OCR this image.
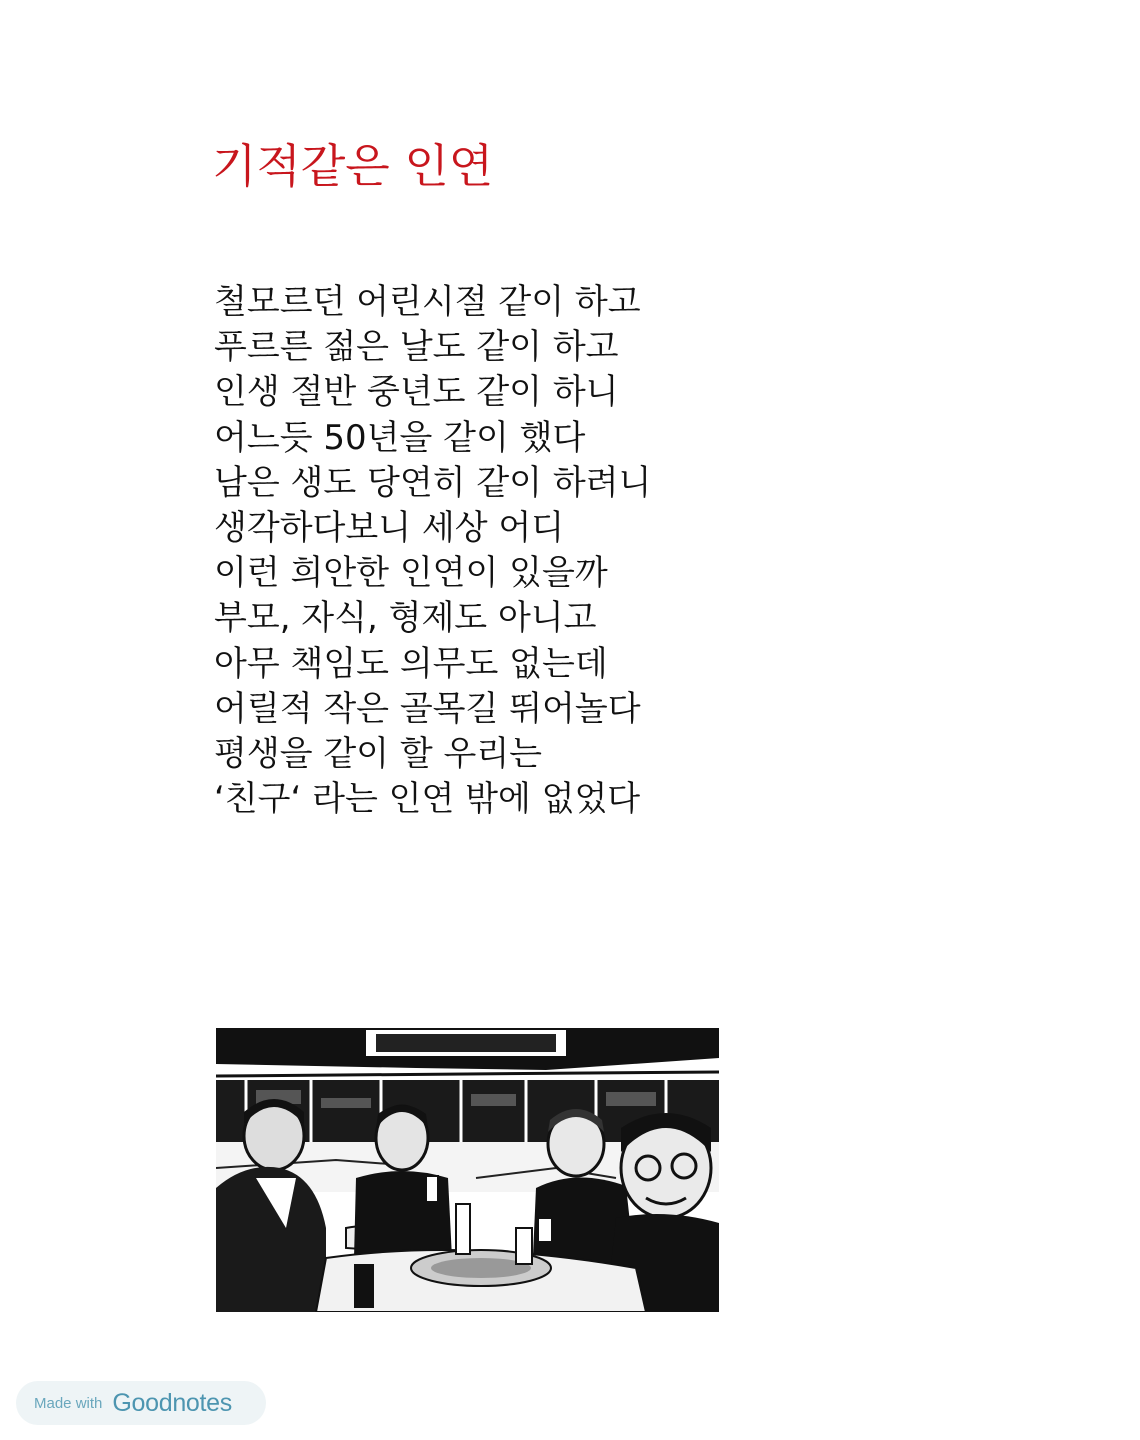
기적같은 인연
철모르던 어린시절 같이 하고
푸르른 젊은 날도 같이 하고
인생 절반 중년도 같이 하니
어느듯 50년을 같이 했다
남은 생도 당연히 같이 하려니
생각하다보니 세상 어디
이런 희안한 인연이 있을까
부모, 자식, 형제도 아니고
아무 책임도 의무도 없는데
어릴적 작은 골목길 뛰어놀다
평생을 같이 할 우리는
‘친구‘ 라는 인연 밖에 없었다
Made with Goodnotes
